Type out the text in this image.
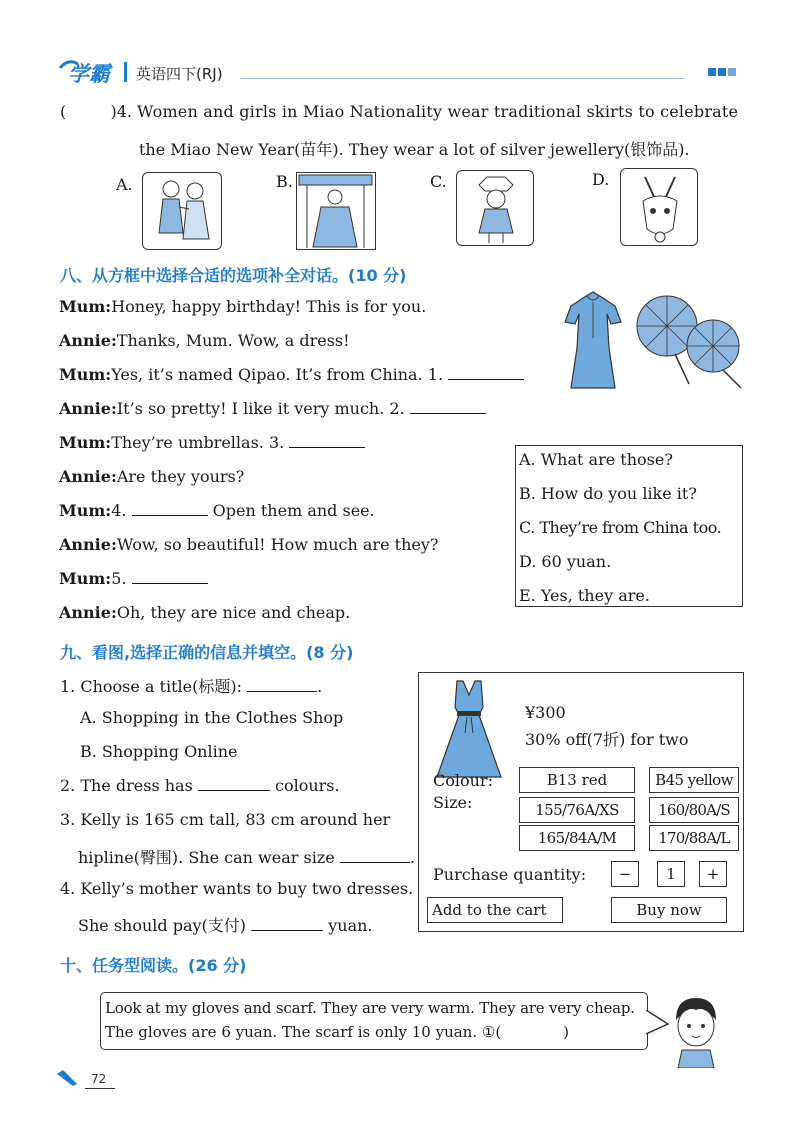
学霸 英语四下(RJ)
(	)4. Women and girls in Miao Nationality wear traditional skirts to celebrate
the Miao New Year(苗年). They wear a lot of silver jewellery(银饰品).
A.	B.	C.	D.
八、从方框中选择合适的选项补全对话。(10 分)
Mum:Honey, happy birthday! This is for you.
Annie:Thanks, Mum. Wow, a dress!
Mum:Yes, it’s named Qipao. It’s from China. 1.
Annie:It’s so pretty! I like it very much. 2.
Mum:They’re umbrellas. 3.
Annie:Are they yours?
Mum:4.	Open them and see.
Annie:Wow, so beautiful! How much are they?
Mum:5.
Annie:Oh, they are nice and cheap.
A. What are those?
B. How do you like it?
C. They’re from China too.
D. 60 yuan.
E. Yes, they are.
九、看图,选择正确的信息并填空。(8 分)
1. Choose a title(标题):	.
A. Shopping in the Clothes Shop
B. Shopping Online
2. The dress has	colours.
3. Kelly is 165 cm tall, 83 cm around her
hipline(臀围). She can wear size	.
4. Kelly’s mother wants to buy two dresses.
She should pay(支付)	yuan.
¥300
30% off(7折) for two
Colour:
Size:
B13 red	B45 yellow
155/76A/XS	160/80A/S
165/84A/M	170/88A/L
Purchase quantity:	−	1	+
Add to the cart	Buy now
十、任务型阅读。(26 分)
Look at my gloves and scarf. They are very warm. They are very cheap.
The gloves are 6 yuan. The scarf is only 10 yuan. ①(	)
72
